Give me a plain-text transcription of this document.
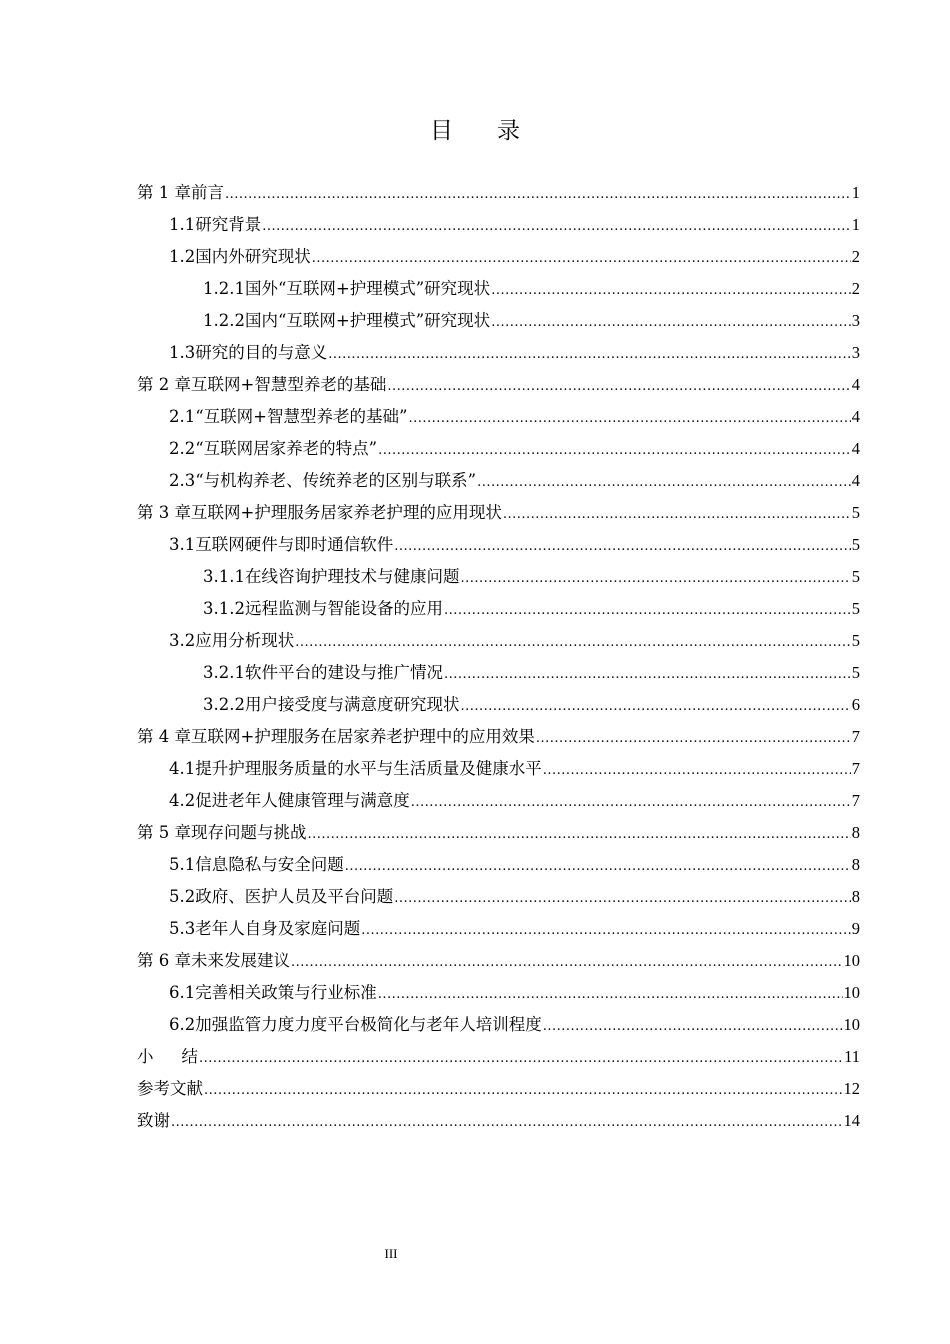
目录
第 1 章 前言 .....	1
1.1 研究背景 .....	1
1.2 国内外研究现状 .....	2
1.2.1 国外“互联网+护理模式”研究现状 .....	2
1.2.2 国内“互联网+护理模式”研究现状 .....	3
1.3 研究的目的与意义 .....	3
第 2 章 互联网+智慧型养老的基础 .....	4
2.1 “互联网+智慧型养老的基础” .....	4
2.2 “互联网居家养老的特点” .....	4
2.3 “与机构养老、传统养老的区别与联系” .....	4
第 3 章 互联网+护理服务居家养老护理的应用现状 .....	5
3.1 互联网硬件与即时通信软件 .....	5
3.1.1 在线咨询护理技术与健康问题 .....	5
3.1.2 远程监测与智能设备的应用 .....	5
3.2 应用分析现状 .....	5
3.2.1 软件平台的建设与推广情况 .....	5
3.2.2 用户接受度与满意度研究现状 .....	6
第 4 章 互联网+护理服务在居家养老护理中的应用效果 .....	7
4.1 提升护理服务质量的水平与生活质量及健康水平 .....	7
4.2 促进老年人健康管理与满意度 .....	7
第 5 章 现存问题与挑战 .....	8
5.1 信息隐私与安全问题 .....	8
5.2 政府、医护人员及平台问题 .....	8
5.3 老年人自身及家庭问题 .....	9
第 6 章 未来发展建议 .....	10
6.1 完善相关政策与行业标准 .....	10
6.2 加强监管力度力度平台极简化与老年人培训程度 .....	10
小结 .....	11
参考文献 .....	12
致谢 .....	14
III
